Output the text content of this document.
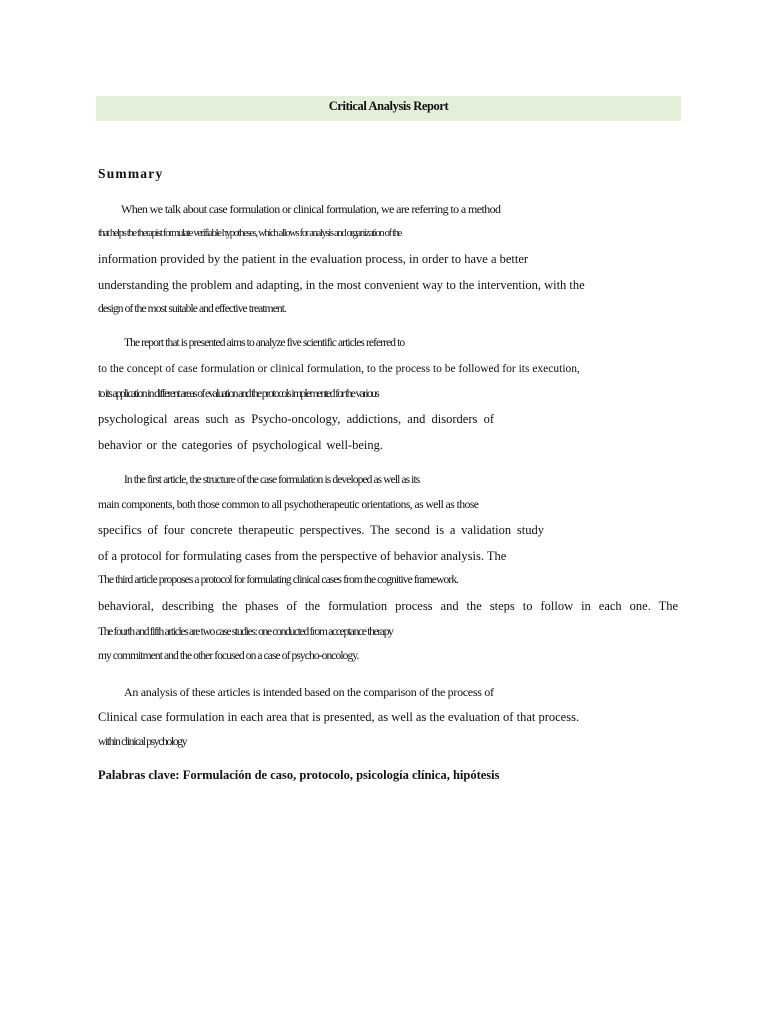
Critical Analysis Report
Summary
When we talk about case formulation or clinical formulation, we are referring to a method
that helps the therapist formulate verifiable hypotheses, which allows for analysis and organization of the
information provided by the patient in the evaluation process, in order to have a better
understanding the problem and adapting, in the most convenient way to the intervention, with the
design of the most suitable and effective treatment.
The report that is presented aims to analyze five scientific articles referred to
to the concept of case formulation or clinical formulation, to the process to be followed for its execution,
to its application in different areas of evaluation and the protocols implemented for the various
psychological areas such as Psycho-oncology, addictions, and disorders of
behavior or the categories of psychological well-being.
In the first article, the structure of the case formulation is developed as well as its
main components, both those common to all psychotherapeutic orientations, as well as those
specifics of four concrete therapeutic perspectives. The second is a validation study
of a protocol for formulating cases from the perspective of behavior analysis. The
The third article proposes a protocol for formulating clinical cases from the cognitive framework.
behavioral, describing the phases of the formulation process and the steps to follow in each one. The
The fourth and fifth articles are two case studies: one conducted from acceptance therapy
my commitment and the other focused on a case of psycho-oncology.
An analysis of these articles is intended based on the comparison of the process of
Clinical case formulation in each area that is presented, as well as the evaluation of that process.
within clinical psychology
Palabras clave: Formulación de caso, protocolo, psicología clínica, hipótesis
